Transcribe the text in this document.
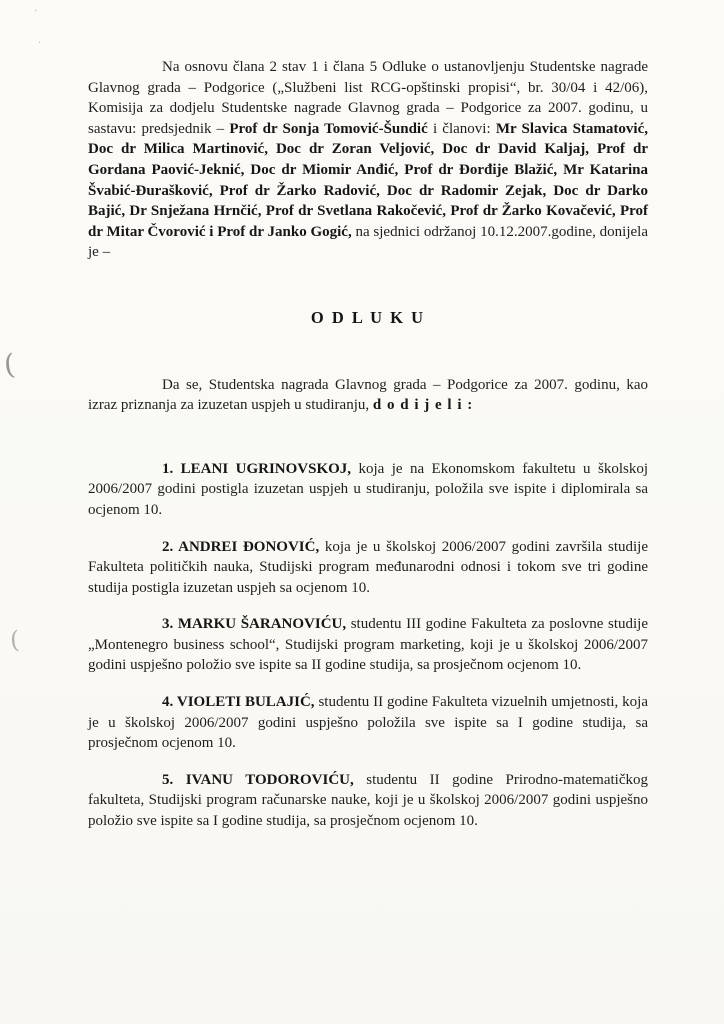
(
(
·
·

Na osnovu člana 2 stav 1 i člana 5 Odluke o ustanovljenju Studentske nagrade Glavnog grada – Podgorice („Službeni list RCG-opštinski propisi“, br. 30/04 i 42/06), Komisija za dodjelu Studentske nagrade Glavnog grada – Podgorice za 2007. godinu, u sastavu: predsjednik – Prof dr Sonja Tomović-Šundić i članovi: Mr Slavica Stamatović, Doc dr Milica Martinović, Doc dr Zoran Veljović, Doc dr David Kaljaj, Prof dr Gordana Paović-Jeknić, Doc dr Miomir Anđić, Prof dr Đorđije Blažić, Mr Katarina Švabić-Đurašković, Prof dr Žarko Radović, Doc dr Radomir Zejak, Doc dr Darko Bajić, Dr Snježana Hrnčić, Prof dr Svetlana Rakočević, Prof dr Žarko Kovačević, Prof dr Mitar Čvorović i Prof dr Janko Gogić, na sjednici održanoj 10.12.2007.godine, donijela je –

O D L U K U

Da se, Studentska nagrada Glavnog grada – Podgorice za 2007. godinu, kao izraz priznanja za izuzetan uspjeh u studiranju, d o d i j e l i :

1. LEANI UGRINOVSKOJ, koja je na Ekonomskom fakultetu u školskoj 2006/2007 godini postigla izuzetan uspjeh u studiranju, položila sve ispite i diplomirala sa ocjenom 10.

2. ANDREI ĐONOVIĆ, koja je u školskoj 2006/2007 godini završila studije Fakulteta političkih nauka, Studijski program međunarodni odnosi i tokom sve tri godine studija postigla izuzetan uspjeh sa ocjenom 10.

3. MARKU ŠARANOVIĆU, studentu III godine Fakulteta za poslovne studije „Montenegro business school“, Studijski program marketing, koji je u školskoj 2006/2007 godini uspješno položio sve ispite sa II godine studija, sa prosječnom ocjenom 10.

4. VIOLETI BULAJIĆ, studentu II godine Fakulteta vizuelnih umjetnosti, koja je u školskoj 2006/2007 godini uspješno položila sve ispite sa I godine studija, sa prosječnom ocjenom 10.

5. IVANU TODOROVIĆU, studentu II godine Prirodno-matematičkog fakulteta, Studijski program računarske nauke, koji je u školskoj 2006/2007 godini uspješno položio sve ispite sa I godine studija, sa prosječnom ocjenom 10.
